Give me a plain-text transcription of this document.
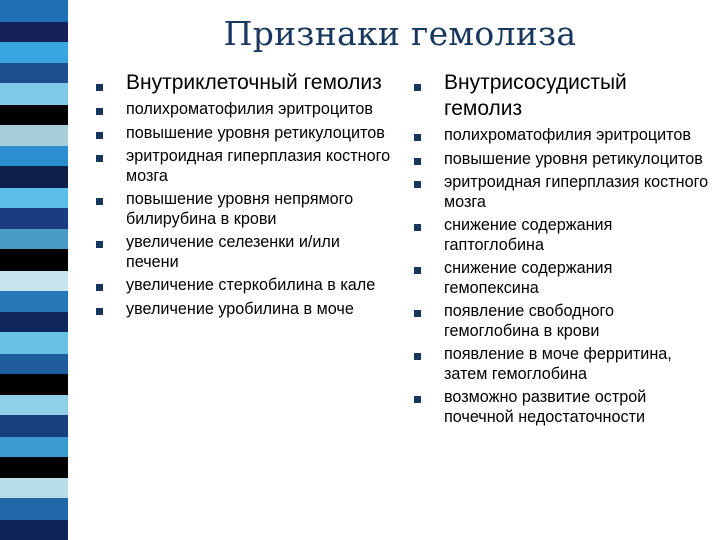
Признаки гемолиза
Внутриклеточный гемолиз
полихроматофилия эритроцитов
повышение уровня ретикулоцитов
эритроидная гиперплазия костного мозга
повышение уровня непрямого билирубина в крови
увеличение селезенки и/или печени
увеличение стеркобилина в кале
увеличение уробилина в моче
Внутрисосудистый гемолиз
полихроматофилия эритроцитов
повышение уровня ретикулоцитов
эритроидная гиперплазия костного мозга
снижение содержания гаптоглобина
снижение содержания гемопексина
появление свободного гемоглобина в крови
появление в моче ферритина, затем гемоглобина
возможно развитие острой почечной недостаточности
